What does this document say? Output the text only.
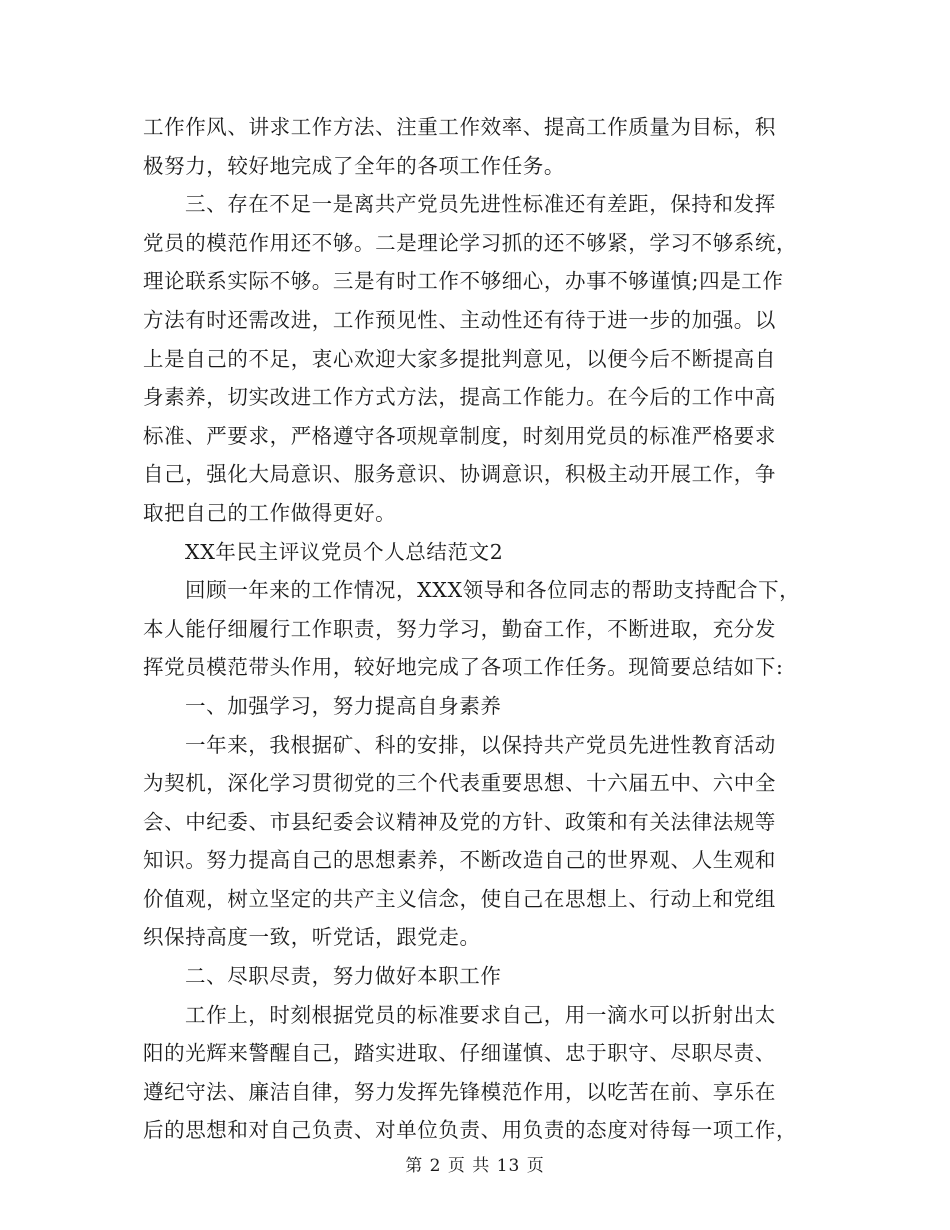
工作作风、讲求工作方法、注重工作效率、提高工作质量为目标，积
极努力，较好地完成了全年的各项工作任务。
三、存在不足一是离共产党员先进性标准还有差距，保持和发挥
党员的模范作用还不够。二是理论学习抓的还不够紧，学习不够系统，
理论联系实际不够。三是有时工作不够细心，办事不够谨慎;四是工作
方法有时还需改进，工作预见性、主动性还有待于进一步的加强。以
上是自己的不足，衷心欢迎大家多提批判意见，以便今后不断提高自
身素养，切实改进工作方式方法，提高工作能力。在今后的工作中高
标准、严要求，严格遵守各项规章制度，时刻用党员的标准严格要求
自己，强化大局意识、服务意识、协调意识，积极主动开展工作，争
取把自己的工作做得更好。
XX年民主评议党员个人总结范文2
回顾一年来的工作情况，XXX领导和各位同志的帮助支持配合下，
本人能仔细履行工作职责，努力学习，勤奋工作，不断进取，充分发
挥党员模范带头作用，较好地完成了各项工作任务。现简要总结如下:
一、加强学习，努力提高自身素养
一年来，我根据矿、科的安排，以保持共产党员先进性教育活动
为契机，深化学习贯彻党的三个代表重要思想、十六届五中、六中全
会、中纪委、市县纪委会议精神及党的方针、政策和有关法律法规等
知识。努力提高自己的思想素养，不断改造自己的世界观、人生观和
价值观，树立坚定的共产主义信念，使自己在思想上、行动上和党组
织保持高度一致，听党话，跟党走。
二、尽职尽责，努力做好本职工作
工作上，时刻根据党员的标准要求自己，用一滴水可以折射出太
阳的光辉来警醒自己，踏实进取、仔细谨慎、忠于职守、尽职尽责、
遵纪守法、廉洁自律，努力发挥先锋模范作用，以吃苦在前、享乐在
后的思想和对自己负责、对单位负责、用负责的态度对待每一项工作，
第 2 页 共 13 页
